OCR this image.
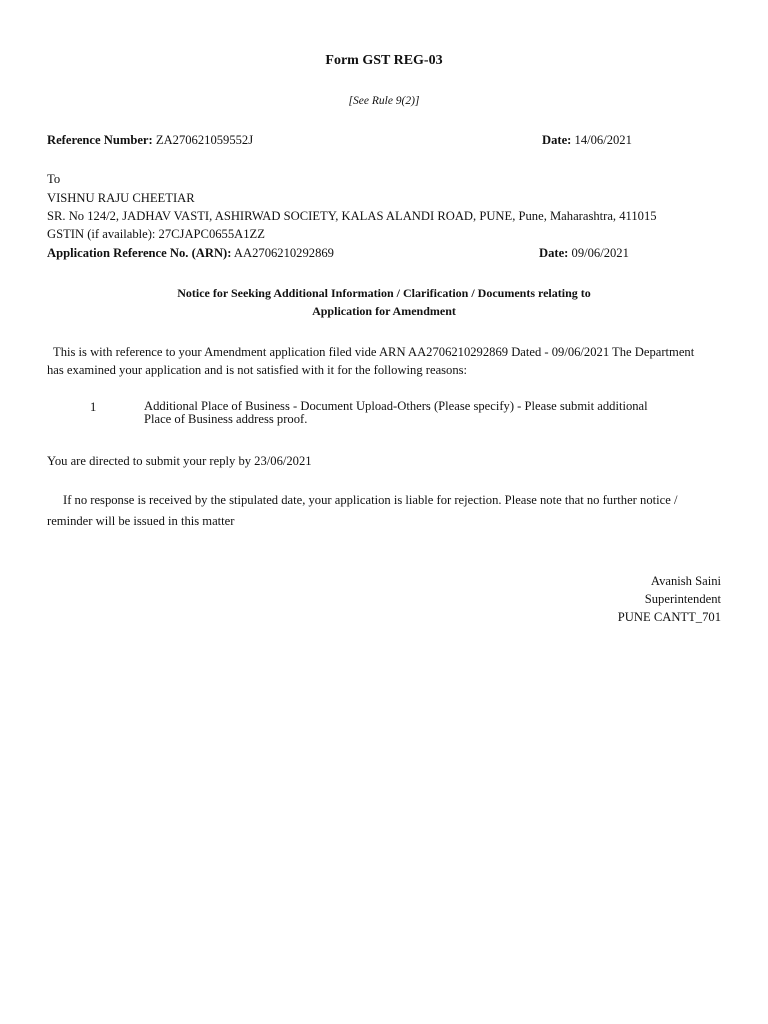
Form GST REG-03
[See Rule 9(2)]
Reference Number: ZA270621059552J	Date: 14/06/2021
To
VISHNU RAJU CHEETIAR
SR. No 124/2, JADHAV VASTI, ASHIRWAD SOCIETY, KALAS ALANDI ROAD, PUNE, Pune, Maharashtra, 411015
GSTIN (if available): 27CJAPC0655A1ZZ
Application Reference No. (ARN): AA2706210292869	Date: 09/06/2021
Notice for Seeking Additional Information / Clarification / Documents relating to
Application for Amendment
This is with reference to your Amendment application filed vide ARN AA2706210292869 Dated - 09/06/2021 The Department
has examined your application and is not satisfied with it for the following reasons:
1	Additional Place of Business - Document Upload-Others (Please specify) - Please submit additional
Place of Business address proof.
You are directed to submit your reply by 23/06/2021
If no response is received by the stipulated date, your application is liable for rejection. Please note that no further notice /
reminder will be issued in this matter
Avanish Saini
Superintendent
PUNE CANTT_701
